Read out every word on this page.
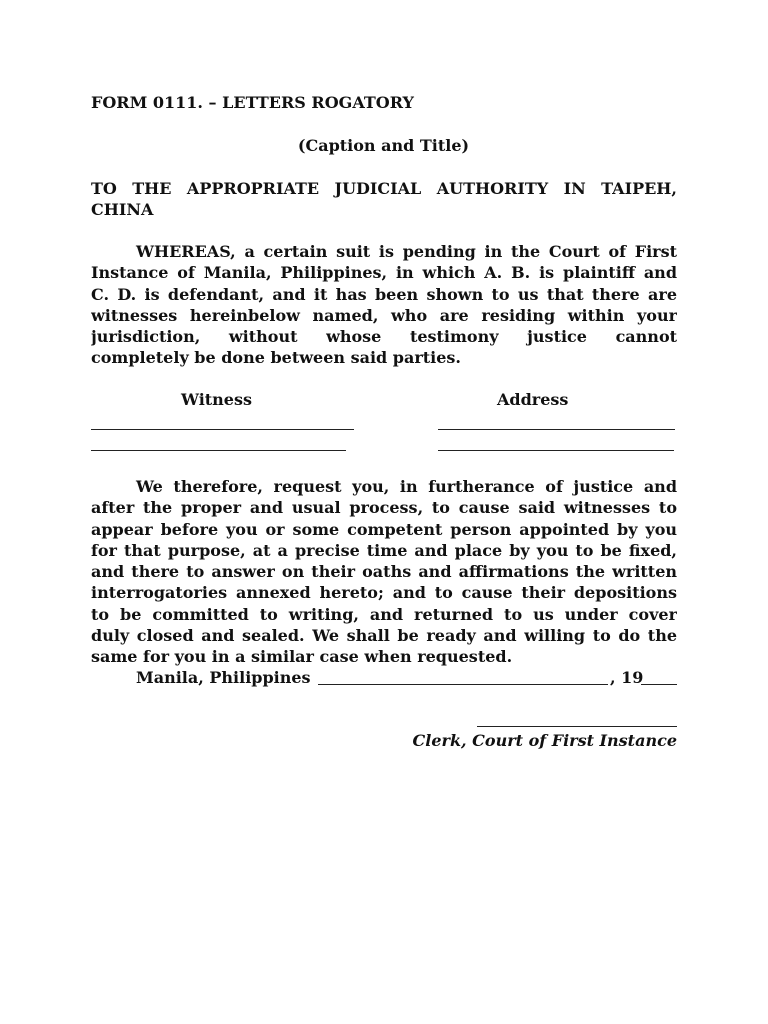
FORM 0111. – LETTERS ROGATORY
(Caption and Title)
TO THE APPROPRIATE JUDICIAL AUTHORITY IN TAIPEH, CHINA
WHEREAS, a certain suit is pending in the Court of First
Instance of Manila, Philippines, in which A. B. is plaintiff and
C. D. is defendant, and it has been shown to us that there are
witnesses hereinbelow named, who are residing within your
jurisdiction, without whose testimony justice cannot
completely be done between said parties.
Witness	Address
We therefore, request you, in furtherance of justice and
after the proper and usual process, to cause said witnesses to
appear before you or some competent person appointed by you
for that purpose, at a precise time and place by you to be fixed,
and there to answer on their oaths and affirmations the written
interrogatories annexed hereto; and to cause their depositions
to be committed to writing, and returned to us under cover
duly closed and sealed. We shall be ready and willing to do the
same for you in a similar case when requested.
Manila, Philippines	, 19
Clerk, Court of First Instance
